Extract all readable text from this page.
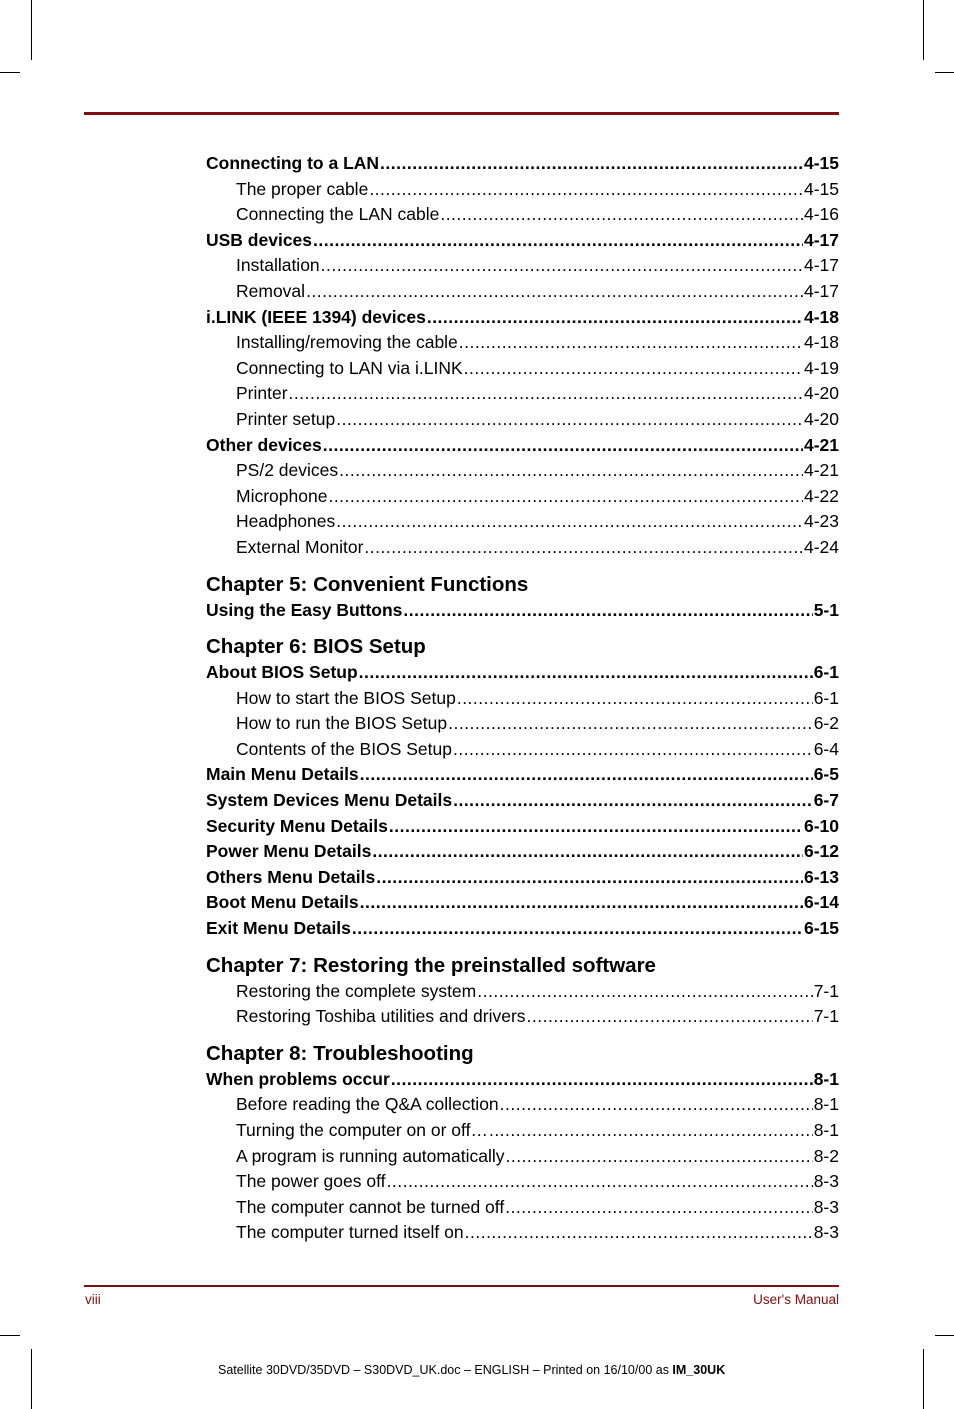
Connecting to a LAN .....	4-15
The proper cable .....	4-15
Connecting the LAN cable .....	4-16
USB devices .....	4-17
Installation .....	4-17
Removal .....	4-17
i.LINK (IEEE 1394) devices .....	4-18
Installing/removing the cable .....	4-18
Connecting to LAN via i.LINK .....	4-19
Printer .....	4-20
Printer setup .....	4-20
Other devices .....	4-21
PS/2 devices .....	4-21
Microphone .....	4-22
Headphones .....	4-23
External Monitor .....	4-24
Chapter 5: Convenient Functions
Using the Easy Buttons .....	5-1
Chapter 6: BIOS Setup
About BIOS Setup .....	6-1
How to start the BIOS Setup .....	6-1
How to run the BIOS Setup .....	6-2
Contents of the BIOS Setup .....	6-4
Main Menu Details .....	6-5
System Devices Menu Details .....	6-7
Security Menu Details .....	6-10
Power Menu Details .....	6-12
Others Menu Details .....	6-13
Boot Menu Details .....	6-14
Exit Menu Details .....	6-15
Chapter 7: Restoring the preinstalled software
Restoring the complete system .....	7-1
Restoring Toshiba utilities and drivers .....	7-1
Chapter 8: Troubleshooting
When problems occur .....	8-1
Before reading the Q&A collection .....	8-1
Turning the computer on or off… .....	8-1
A program is running automatically .....	8-2
The power goes off .....	8-3
The computer cannot be turned off .....	8-3
The computer turned itself on .....	8-3
viii	User's Manual
Satellite 30DVD/35DVD – S30DVD_UK.doc – ENGLISH – Printed on 16/10/00 as IM_30UK
